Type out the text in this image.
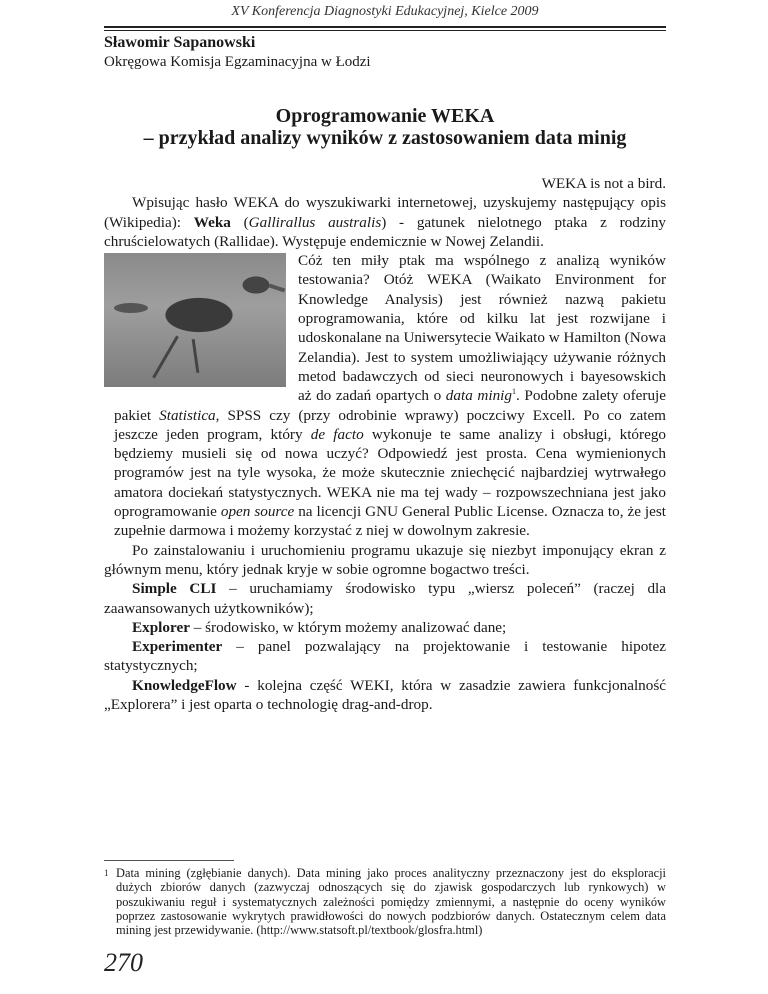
XV Konferencja Diagnostyki Edukacyjnej, Kielce 2009
Sławomir Sapanowski
Okręgowa Komisja Egzaminacyjna w Łodzi
Oprogramowanie WEKA
– przykład analizy wyników z zastosowaniem data minig

WEKA is not a bird.

Wpisując hasło WEKA do wyszukiwarki internetowej, uzyskujemy następujący opis (Wikipedia): Weka (Gallirallus australis) - gatunek nielotnego ptaka z rodziny chruścielowatych (Rallidae). Występuje endemicznie w Nowej Zelandii.

Cóż ten miły ptak ma wspólnego z analizą wyników testowania? Otóż WEKA (Waikato Environment for Knowledge Analysis) jest również nazwą pakietu oprogramowania, które od kilku lat jest rozwijane i udoskonalane na Uniwersytecie Waikato w Hamilton (Nowa Zelandia). Jest to system umożliwiający używanie różnych metod badawczych od sieci neuronowych i bayesowskich aż do zadań opartych o data minig$^1$. Podobne zalety oferuje pakiet Statistica, SPSS czy (przy odrobinie wprawy) poczciwy Excell. Po co zatem jeszcze jeden program, który de facto wykonuje te same analizy i obsługi, którego będziemy musieli się od nowa uczyć? Odpowiedź jest prosta. Cena wymienionych programów jest na tyle wysoka, że może skutecznie zniechęcić najbardziej wytrwałego amatora dociekań statystycznych. WEKA nie ma tej wady – rozpowszechniana jest jako oprogramowanie open source na licencji GNU General Public License. Oznacza to, że jest zupełnie darmowa i możemy korzystać z niej w dowolnym zakresie.

Po zainstalowaniu i uruchomieniu programu ukazuje się niezbyt imponujący ekran z głównym menu, który jednak kryje w sobie ogromne bogactwo treści.

Simple CLI – uruchamiamy środowisko typu „wiersz poleceń” (raczej dla zaawansowanych użytkowników);

Explorer – środowisko, w którym możemy analizować dane;

Experimenter – panel pozwalający na projektowanie i testowanie hipotez statystycznych;

KnowledgeFlow - kolejna część WEKI, która w zasadzie zawiera funkcjonalność „Explorera” i jest oparta o technologię drag-and-drop.

1 Data mining (zgłębianie danych). Data mining jako proces analityczny przeznaczony jest do eksploracji dużych zbiorów danych (zazwyczaj odnoszących się do zjawisk gospodarczych lub rynkowych) w poszukiwaniu reguł i systematycznych zależności pomiędzy zmiennymi, a następnie do oceny wyników poprzez zastosowanie wykrytych prawidłowości do nowych podzbiorów danych. Ostatecznym celem data mining jest przewidywanie. (http://www.statsoft.pl/textbook/glosfra.html)
270
